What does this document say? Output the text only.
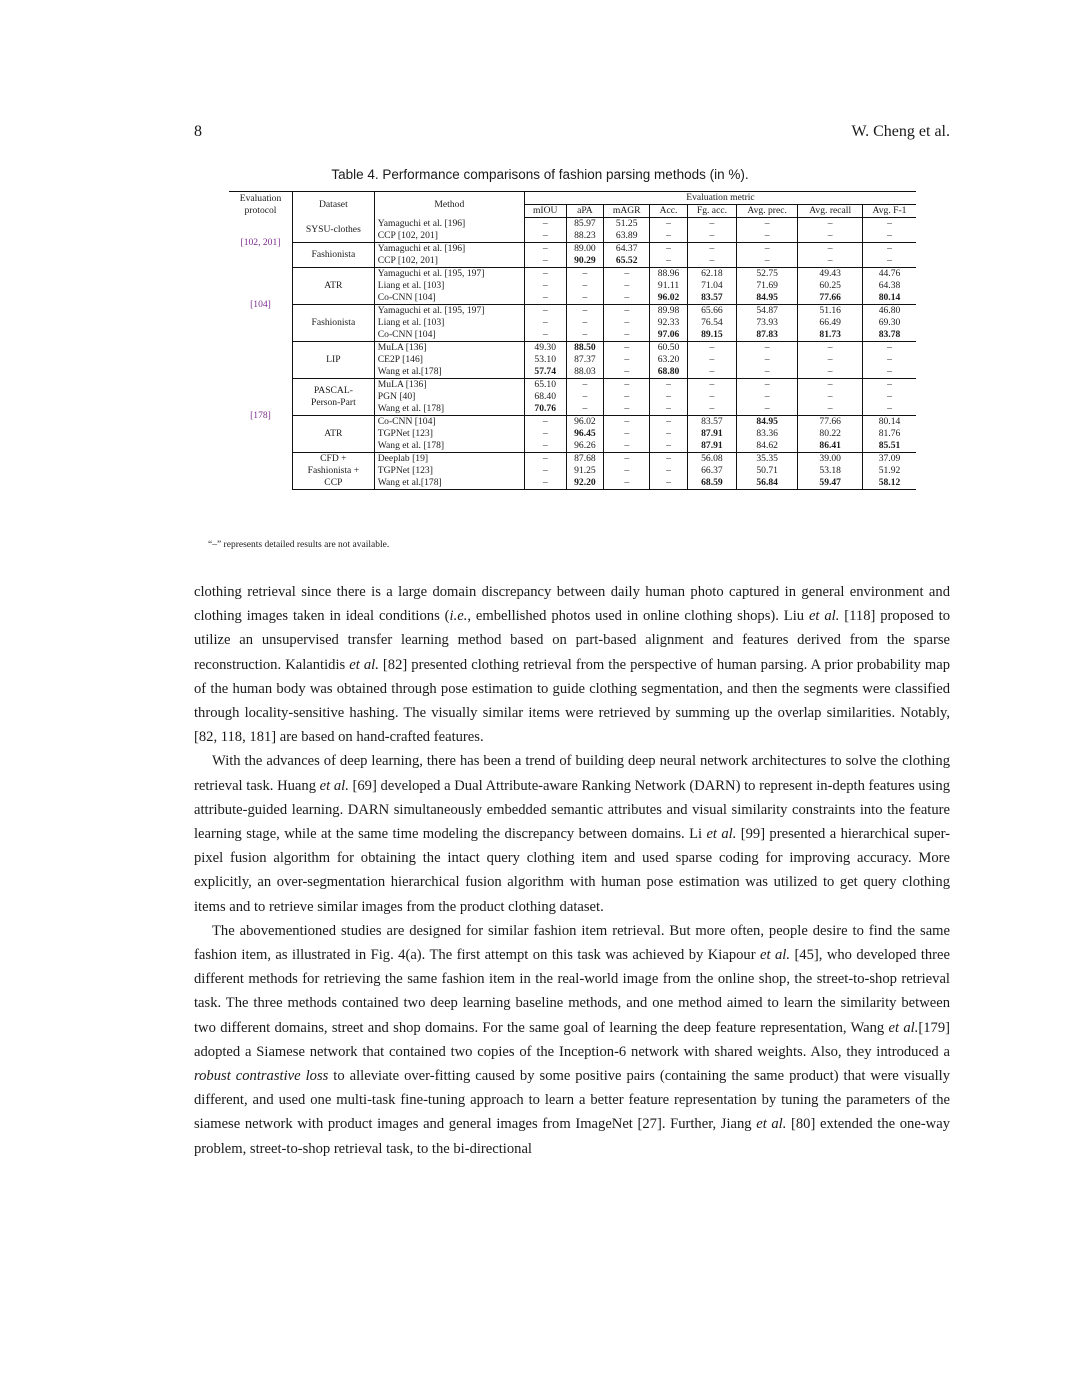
8	W. Cheng et al.
Table 4. Performance comparisons of fashion parsing methods (in %).
Evaluation
protocol	Dataset	Method	Evaluation metric							
			mIOU	aPA	mAGR	Acc.	Fg. acc.	Avg. prec.	Avg. recall	Avg. F-1
[102, 201]	SYSU-clothes	Yamaguchi et al. [196]	–	85.97	51.25	–	–	–	–	–
		CCP [102, 201]	–	88.23	63.89	–	–	–	–	–
	Fashionista	Yamaguchi et al. [196]	–	89.00	64.37	–	–	–	–	–
		CCP [102, 201]	–	90.29	65.52	–	–	–	–	–
[104]	ATR	Yamaguchi et al. [195, 197]	–	–	–	88.96	62.18	52.75	49.43	44.76
		Liang et al. [103]	–	–	–	91.11	71.04	71.69	60.25	64.38
		Co-CNN [104]	–	–	–	96.02	83.57	84.95	77.66	80.14
	Fashionista	Yamaguchi et al. [195, 197]	–	–	–	89.98	65.66	54.87	51.16	46.80
		Liang et al. [103]	–	–	–	92.33	76.54	73.93	66.49	69.30
		Co-CNN [104]	–	–	–	97.06	89.15	87.83	81.73	83.78
[178]	LIP	MuLA [136]	49.30	88.50	–	60.50	–	–	–	–
		CE2P [146]	53.10	87.37	–	63.20	–	–	–	–
		Wang et al.[178]	57.74	88.03	–	68.80	–	–	–	–
	PASCAL-
Person-Part	MuLA [136]	65.10	–	–	–	–	–	–	–
		PGN [40]	68.40	–	–	–	–	–	–	–
		Wang et al. [178]	70.76	–	–	–	–	–	–	–
	ATR	Co-CNN [104]	–	96.02	–	–	83.57	84.95	77.66	80.14
		TGPNet [123]	–	96.45	–	–	87.91	83.36	80.22	81.76
		Wang et al. [178]	–	96.26	–	–	87.91	84.62	86.41	85.51
	CFD +
Fashionista +
CCP	Deeplab [19]	–	87.68	–	–	56.08	35.35	39.00	37.09
		TGPNet [123]	–	91.25	–	–	66.37	50.71	53.18	51.92
		Wang et al.[178]	–	92.20	–	–	68.59	56.84	59.47	58.12
“–” represents detailed results are not available.

clothing retrieval since there is a large domain discrepancy between daily human photo captured in general environment and clothing images taken in ideal conditions (i.e., embellished photos used in online clothing shops). Liu et al. [118] proposed to utilize an unsupervised transfer learning method based on part-based alignment and features derived from the sparse reconstruction. Kalantidis et al. [82] presented clothing retrieval from the perspective of human parsing. A prior probability map of the human body was obtained through pose estimation to guide clothing segmentation, and then the segments were classified through locality-sensitive hashing. The visually similar items were retrieved by summing up the overlap similarities. Notably, [82, 118, 181] are based on hand-crafted features.

With the advances of deep learning, there has been a trend of building deep neural network architectures to solve the clothing retrieval task. Huang et al. [69] developed a Dual Attribute-aware Ranking Network (DARN) to represent in-depth features using attribute-guided learning. DARN simultaneously embedded semantic attributes and visual similarity constraints into the feature learning stage, while at the same time modeling the discrepancy between domains. Li et al. [99] presented a hierarchical super-pixel fusion algorithm for obtaining the intact query clothing item and used sparse coding for improving accuracy. More explicitly, an over-segmentation hierarchical fusion algorithm with human pose estimation was utilized to get query clothing items and to retrieve similar images from the product clothing dataset.

The abovementioned studies are designed for similar fashion item retrieval. But more often, people desire to find the same fashion item, as illustrated in Fig. 4(a). The first attempt on this task was achieved by Kiapour et al. [45], who developed three different methods for retrieving the same fashion item in the real-world image from the online shop, the street-to-shop retrieval task. The three methods contained two deep learning baseline methods, and one method aimed to learn the similarity between two different domains, street and shop domains. For the same goal of learning the deep feature representation, Wang et al.[179] adopted a Siamese network that contained two copies of the Inception-6 network with shared weights. Also, they introduced a robust contrastive loss to alleviate over-fitting caused by some positive pairs (containing the same product) that were visually different, and used one multi-task fine-tuning approach to learn a better feature representation by tuning the parameters of the siamese network with product images and general images from ImageNet [27]. Further, Jiang et al. [80] extended the one-way problem, street-to-shop retrieval task, to the bi-directional
